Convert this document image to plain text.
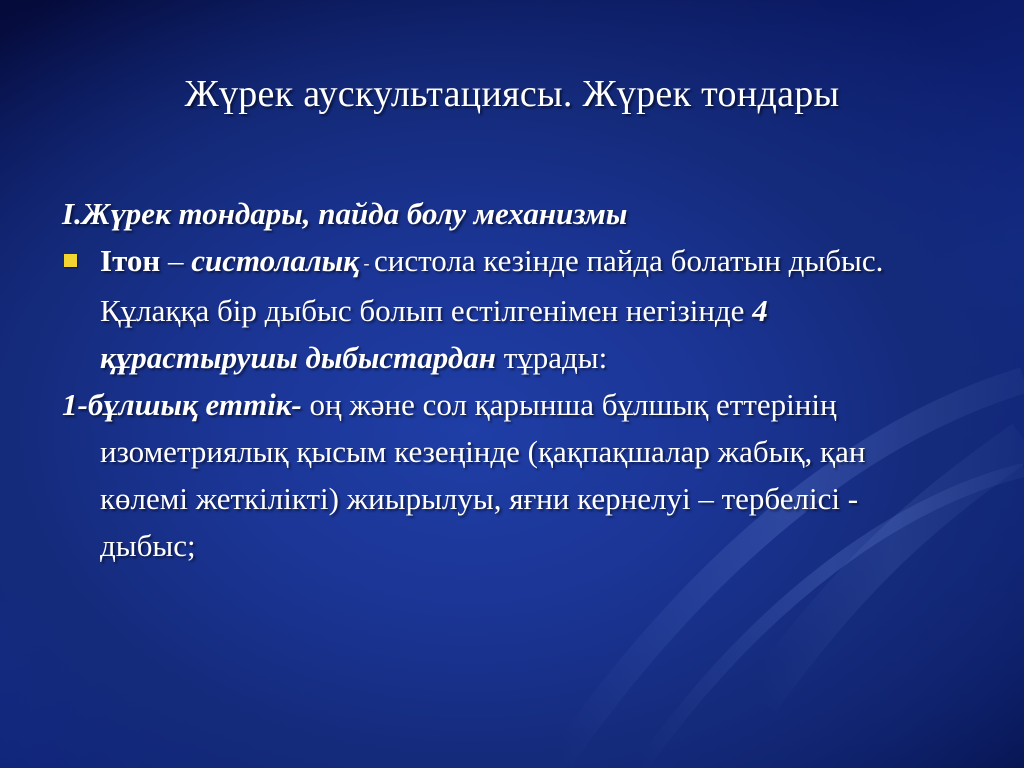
Жүрек аускультациясы. Жүрек тондары
I.Жүрек тондары, пайда болу механизмы
Iтон – систолалық - систола кезінде пайда болатын дыбыс. Құлаққа бір дыбыс болып естілгенімен негізінде 4 құрастырушы дыбыстардан тұрады:
1-бұлшық еттік- оң және сол қарынша бұлшық еттерінің изометриялық қысым кезеңінде (қақпақшалар жабық, қан көлемі жеткілікті) жиырылуы, яғни кернелуі – тербелісі - дыбыс;
